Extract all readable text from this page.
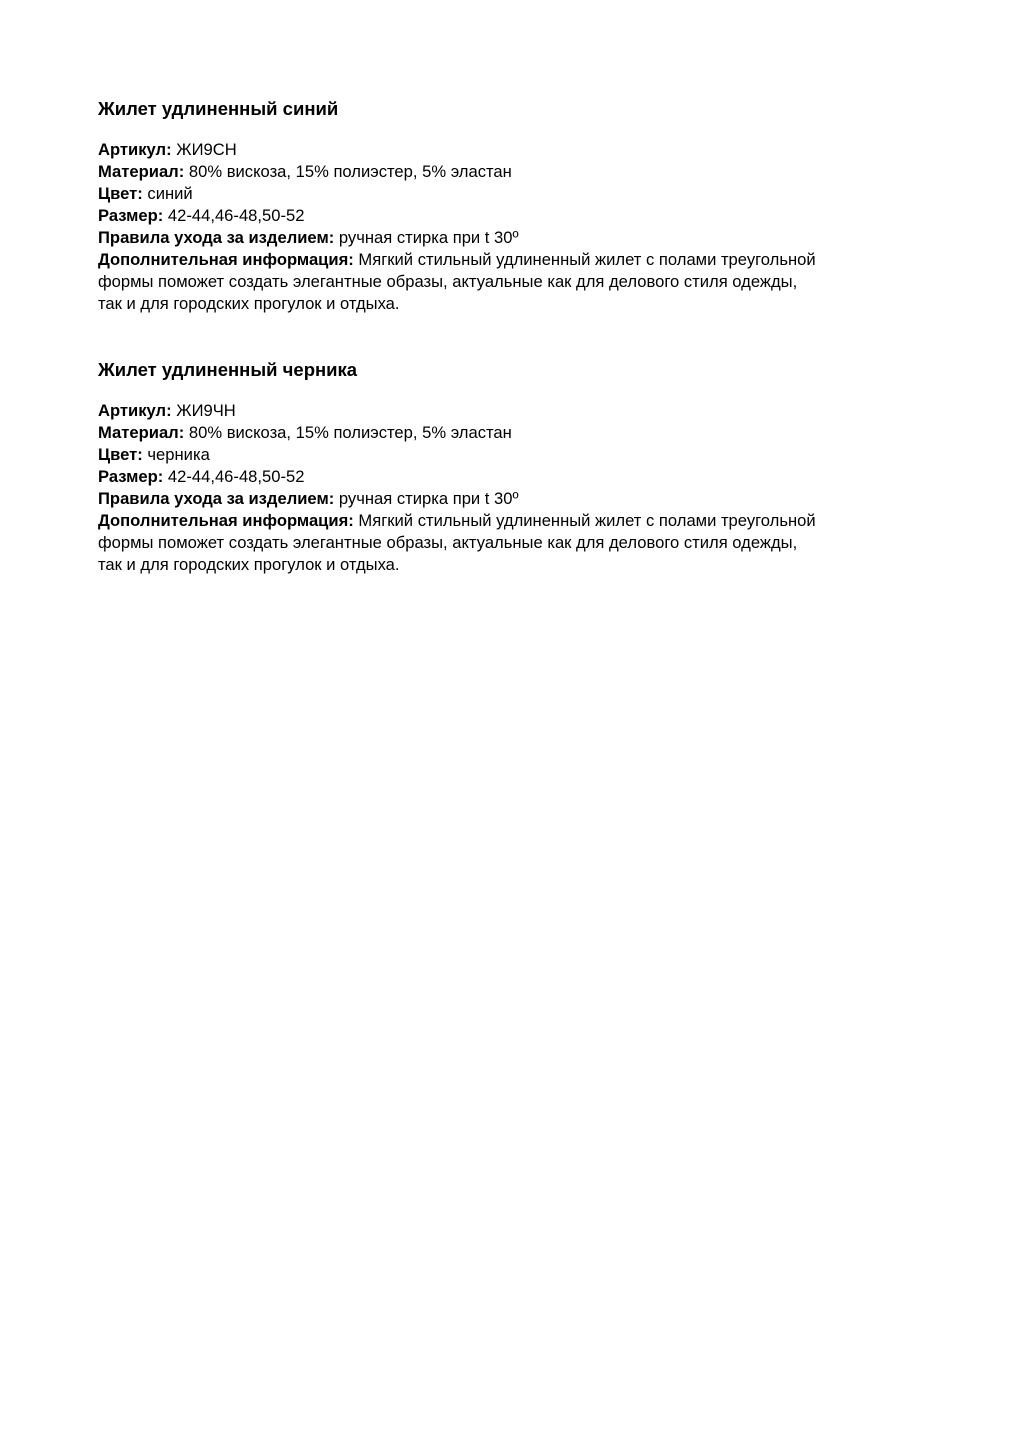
Жилет удлиненный синий

Артикул: ЖИ9СН

Материал: 80% вискоза, 15% полиэстер, 5% эластан

Цвет: синий

Размер: 42-44,46-48,50-52

Правила ухода за изделием: ручная стирка при t 30º

Дополнительная информация: Мягкий стильный удлиненный жилет с полами треугольной
формы поможет создать элегантные образы, актуальные как для делового стиля одежды,
так и для городских прогулок и отдыха.

Жилет удлиненный черника

Артикул: ЖИ9ЧН

Материал: 80% вискоза, 15% полиэстер, 5% эластан

Цвет: черника

Размер: 42-44,46-48,50-52

Правила ухода за изделием: ручная стирка при t 30º

Дополнительная информация: Мягкий стильный удлиненный жилет с полами треугольной
формы поможет создать элегантные образы, актуальные как для делового стиля одежды,
так и для городских прогулок и отдыха.
